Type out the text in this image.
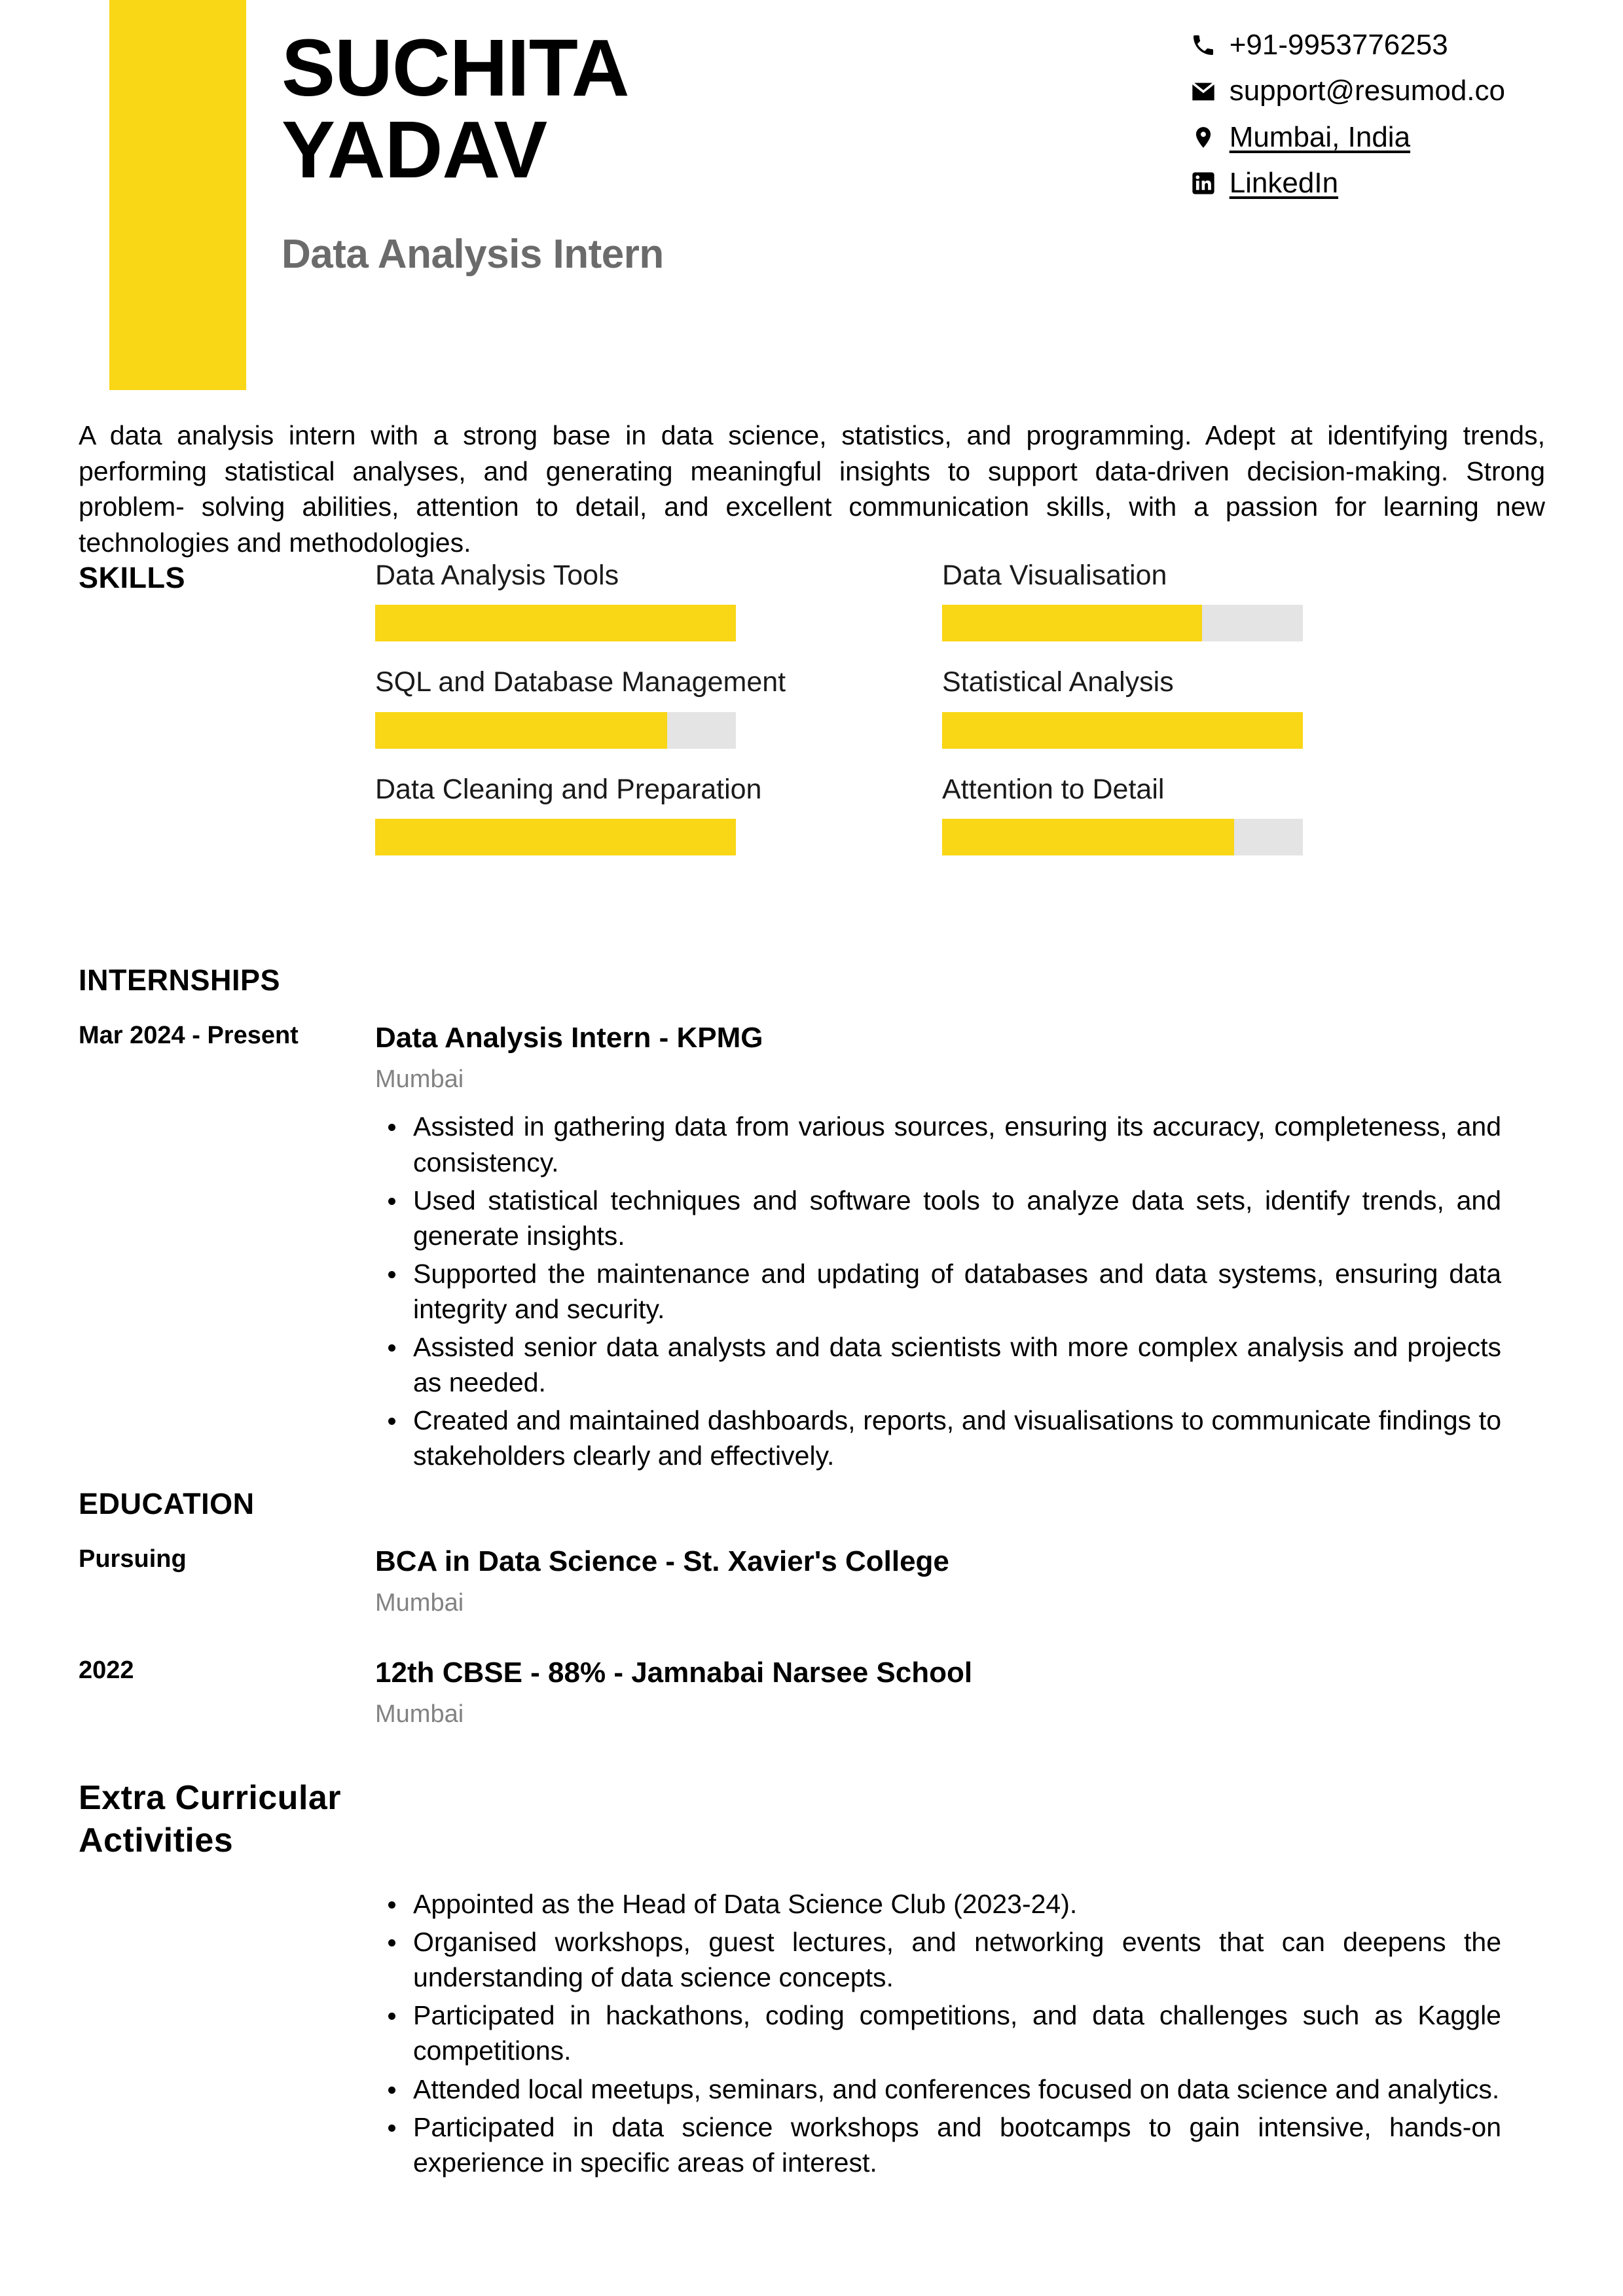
SUCHITA
YADAV
Data Analysis Intern
+91-9953776253
support@resumod.co
Mumbai, India
LinkedIn
A data analysis intern with a strong base in data science, statistics, and programming. Adept at identifying trends, performing statistical analyses, and generating meaningful insights to support data-driven decision-making. Strong problem- solving abilities, attention to detail, and excellent communication skills, with a passion for learning new technologies and methodologies.
SKILLS	Data Analysis Tools	Data Visualisation
SQL and Database Management	Statistical Analysis
Data Cleaning and Preparation	Attention to Detail
INTERNSHIPS
Mar 2024 - Present	Data Analysis Intern - KPMG
Mumbai
Assisted in gathering data from various sources, ensuring its accuracy, completeness, and consistency.
Used statistical techniques and software tools to analyze data sets, identify trends, and generate insights.
Supported the maintenance and updating of databases and data systems, ensuring data integrity and security.
Assisted senior data analysts and data scientists with more complex analysis and projects as needed.
Created and maintained dashboards, reports, and visualisations to communicate findings to stakeholders clearly and effectively.
EDUCATION
Pursuing	BCA in Data Science - St. Xavier's College
Mumbai
2022	12th CBSE - 88% - Jamnabai Narsee School
Mumbai
Extra Curricular Activities
Appointed as the Head of Data Science Club (2023-24).
Organised workshops, guest lectures, and networking events that can deepens the understanding of data science concepts.
Participated in hackathons, coding competitions, and data challenges such as Kaggle competitions.
Attended local meetups, seminars, and conferences focused on data science and analytics.
Participated in data science workshops and bootcamps to gain intensive, hands-on experience in specific areas of interest.
